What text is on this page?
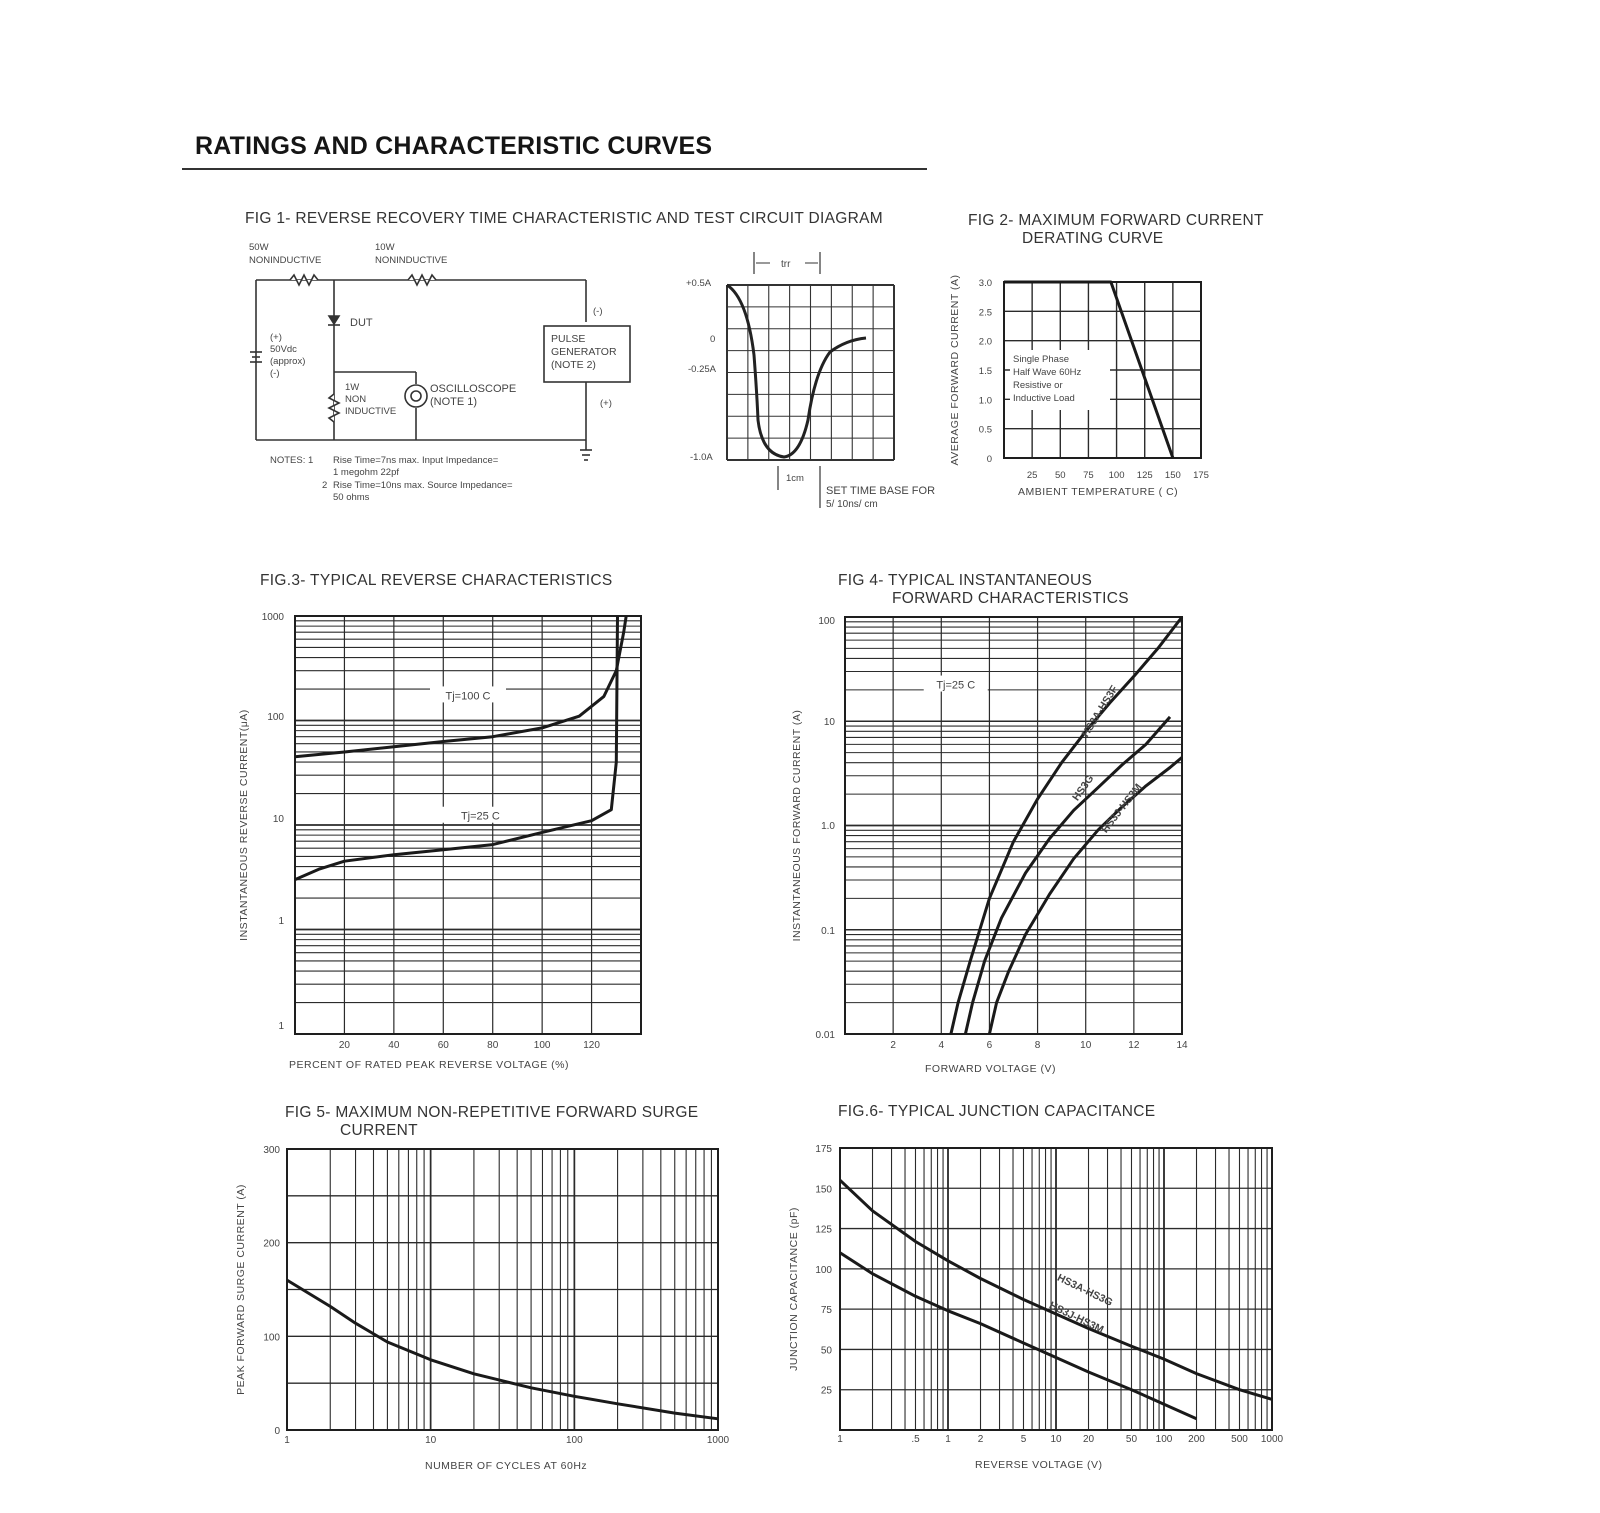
RATINGS AND CHARACTERISTIC CURVES
FIG 1- REVERSE RECOVERY TIME CHARACTERISTIC AND TEST CIRCUIT DIAGRAM	FIG 2- MAXIMUM FORWARD CURRENT
DERATING CURVE
FIG.3- TYPICAL REVERSE CHARACTERISTICS	FIG 4- TYPICAL INSTANTANEOUS
FORWARD CHARACTERISTICS
FIG 5- MAXIMUM NON-REPETITIVE FORWARD SURGE
CURRENT
FIG.6- TYPICAL JUNCTION CAPACITANCE
50W
NONINDUCTIVE
10W
NONINDUCTIVE
DUT
(+)
50Vdc
(approx)
(-)
1W
NON
INDUCTIVE
OSCILLOSCOPE
(NOTE 1)
PULSE
GENERATOR
(NOTE 2)
(-)
(+)
NOTES: 1 Rise Time=7ns max. Input Impedance=
1 megohm 22pf
2 Rise Time=10ns max. Source Impedance=
50 ohms
+0.5A
0
-0.25A
-1.0A
trr
1cm
SET TIME BASE FOR
5/ 10ns/ cm
0
0.5
1.0
1.5
2.0
2.5
3.0
25 50 75 100 125 150 175
AMBIENT TEMPERATURE ( C)
AVERAGE FORWARD CURRENT (A)
1000
100
10
1
1
20	40	60	80	100	120
PERCENT OF RATED PEAK REVERSE VOLTAGE (%)
INSTANTANEOUS REVERSE CURRENT(μA)
100
10
1.0
0.1
0.01
2	4	6	8	10	12	14
FORWARD VOLTAGE (V)
INSTANTANEOUS FORWARD CURRENT (A)
0
100
200
300
1	10	100	1000
NUMBER OF CYCLES AT 60Hz
PEAK FORWARD SURGE CURRENT (A)
175
150
125
100
75
50
25
1	.5	1	2	5 10 20	50 100 200	500 1000
REVERSE VOLTAGE (V)
JUNCTION CAPACITANCE (pF)
Single Phase
Half Wave 60Hz
Resistive or
Inductive Load
Tj=100 C
Tj=25 C
Tj=25 C	HS3A-HS3F
HS3G HS3J-HS3M
HS3A-HS3G
HS3J-HS3M
